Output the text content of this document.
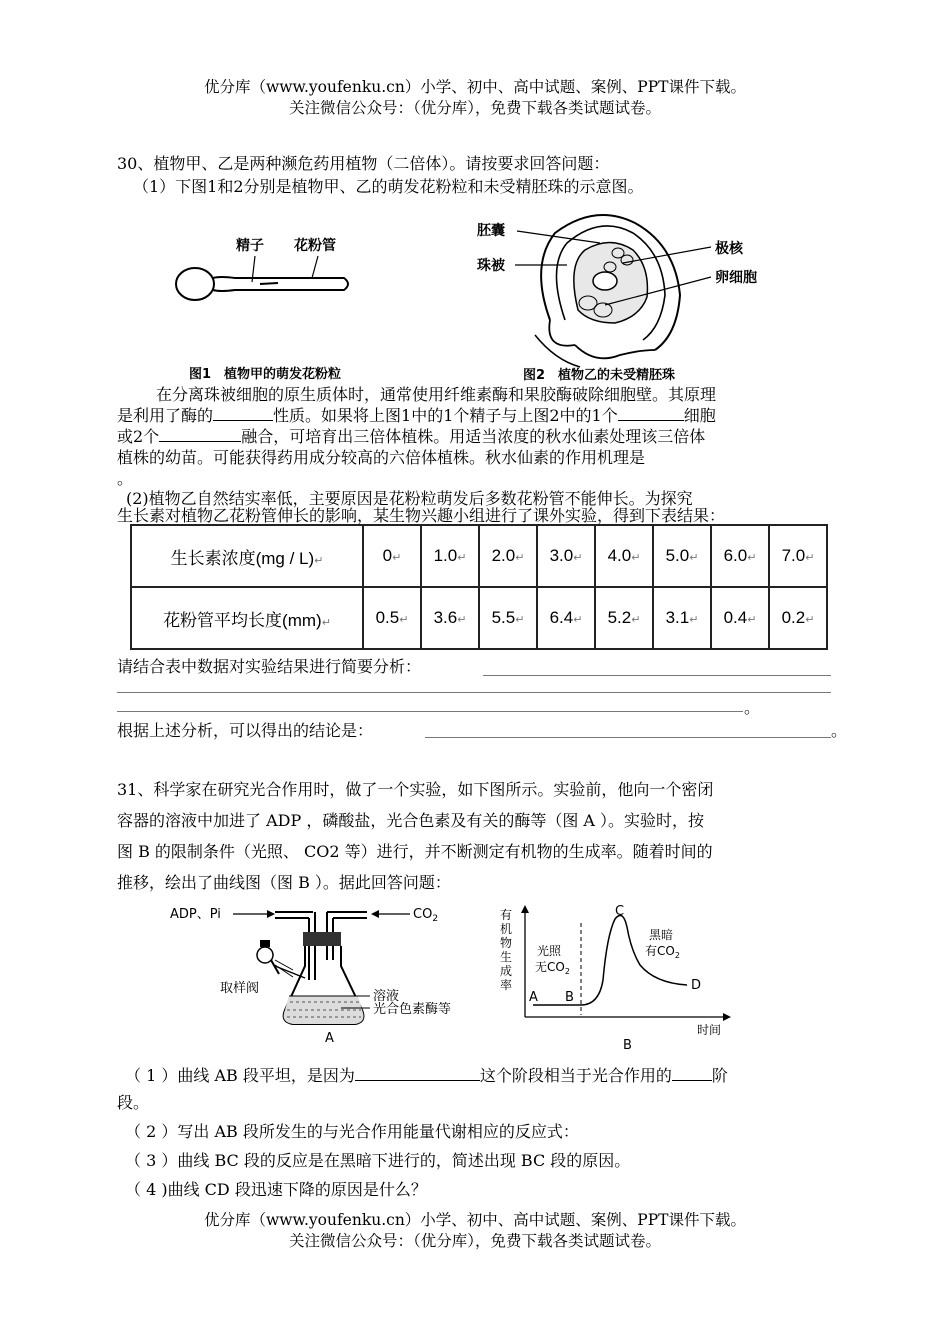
优分库（www.youfenku.cn）小学、初中、高中试题、案例、PPT课件下载。
关注微信公众号：（优分库），免费下载各类试题试卷。
30、植物甲、乙是两种濒危药用植物（二倍体）。请按要求回答问题：
（1）下图1和2分别是植物甲、乙的萌发花粉粒和未受精胚珠的示意图。
精子 花粉管
图1　植物甲的萌发花粉粒
胚囊
珠被
极核
卵细胞
图2　植物乙的未受精胚珠
在分离珠被细胞的原生质体时，通常使用纤维素酶和果胶酶破除细胞壁。其原理
是利用了酶的	性质。如果将上图1中的1个精子与上图2中的1个	细胞
或2个	融合，可培育出三倍体植株。用适当浓度的秋水仙素处理该三倍体
植株的幼苗。可能获得药用成分较高的六倍体植株。秋水仙素的作用机理是
。
(2)植物乙自然结实率低，主要原因是花粉粒萌发后多数花粉管不能伸长。为探究
生长素对植物乙花粉管伸长的影响，某生物兴趣小组进行了课外实验，得到下表结果：
生长素浓度(mg / L)↵	0↵	1.0↵	2.0↵	3.0↵	4.0↵	5.0↵	6.0↵	7.0↵
花粉管平均长度(mm)↵	0.5↵	3.6↵	5.5↵	6.4↵	5.2↵	3.1↵	0.4↵	0.2↵
请结合表中数据对实验结果进行简要分析：
。
根据上述分析，可以得出的结论是：	。
31、科学家在研究光合作用时，做了一个实验，如下图所示。实验前，他向一个密闭
容器的溶液中加进了 ADP ，磷酸盐，光合色素及有关的酶等（图 A ）。实验时，按
图 B 的限制条件（光照、 CO2 等）进行，并不断测定有机物的生成率。随着时间的
推移，绘出了曲线图（图 B ）。据此回答问题：
ADP、Pi	$CO_2$
取样阀
溶液
光合色素酶等
A
有
机
物
生
成
率
时间
A B
C
D
光照
无$CO_2$
黑暗
有$CO_2$
B
（ 1 ）曲线 AB 段平坦，是因为	这个阶段相当于光合作用的	阶
段。
（ 2 ）写出 AB 段所发生的与光合作用能量代谢相应的反应式：
（ 3 ）曲线 BC 段的反应是在黑暗下进行的，简述出现 BC 段的原因。
（ 4 )曲线 CD 段迅速下降的原因是什么？
优分库（www.youfenku.cn）小学、初中、高中试题、案例、PPT课件下载。
关注微信公众号：（优分库），免费下载各类试题试卷。
